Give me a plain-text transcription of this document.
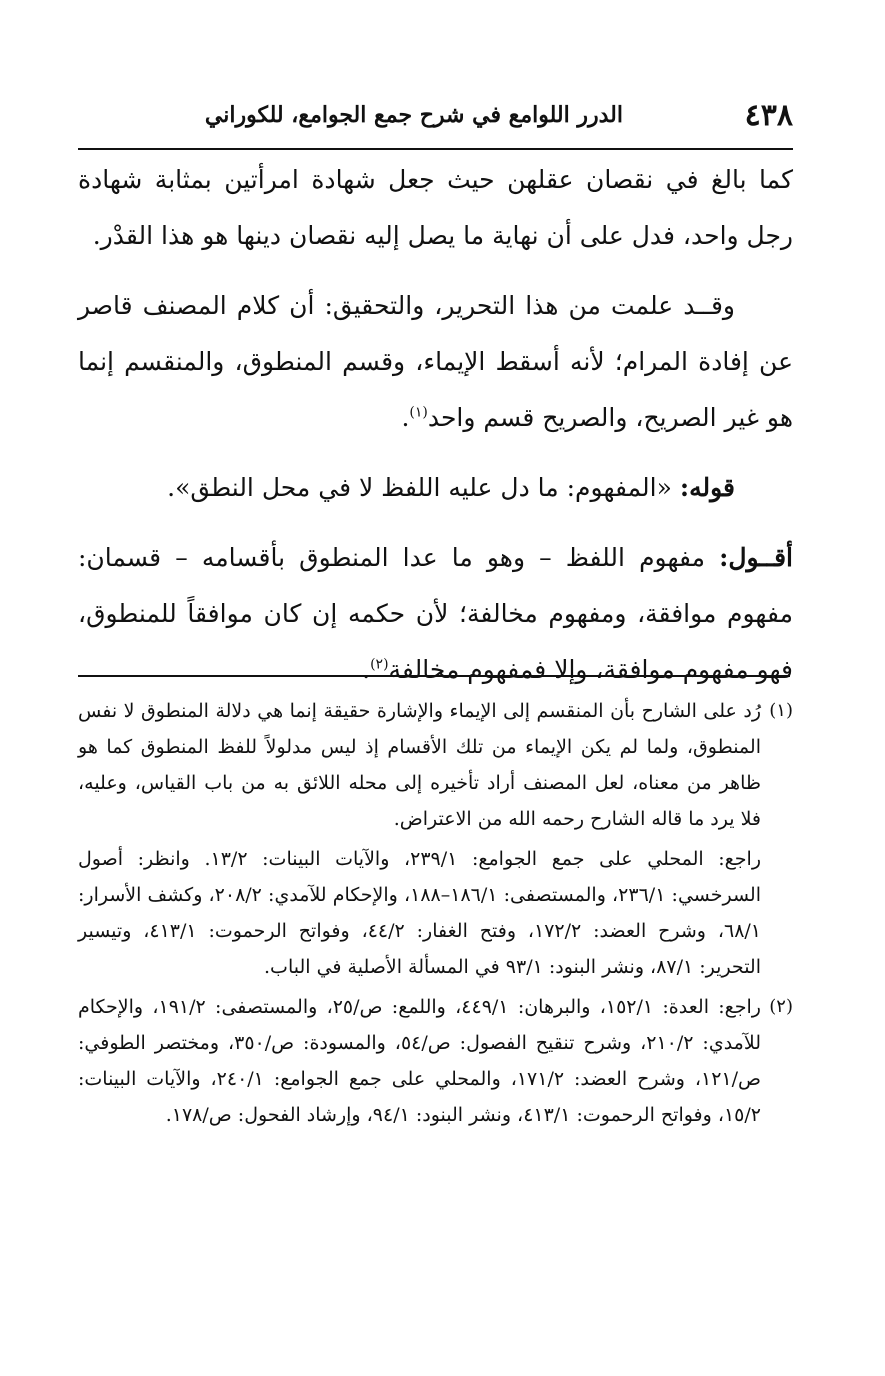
٤٣٨
الدرر اللوامع في شرح جمع الجوامع، للكوراني

كما بالغ في نقصان عقلهن حيث جعل شهادة امرأتين بمثابة شهادة رجل واحد، فدل على أن نهاية ما يصل إليه نقصان دينها هو هذا القدْر.

وقــد علمت من هذا التحرير، والتحقيق: أن كلام المصنف قاصر عن إفادة المرام؛ لأنه أسقط الإيماء، وقسم المنطوق، والمنقسم إنما هو غير الصريح، والصريح قسم واحد$^{(١)}$.

قوله: «المفهوم: ما دل عليه اللفظ لا في محل النطق».

أقــول: مفهوم اللفظ – وهو ما عدا المنطوق بأقسامه – قسمان: مفهوم موافقة، ومفهوم مخالفة؛ لأن حكمه إن كان موافقاً للمنطوق، فهو مفهوم موافقة، وإلا فمفهوم مخالفة$^{(٢)}$.

(١)
رُد على الشارح بأن المنقسم إلى الإيماء والإشارة حقيقة إنما هي دلالة المنطوق لا نفس المنطوق، ولما لم يكن الإيماء من تلك الأقسام إذ ليس مدلولاً للفظ المنطوق كما هو ظاهر من معناه، لعل المصنف أراد تأخيره إلى محله اللائق به من باب القياس، وعليه، فلا يرد ما قاله الشارح رحمه الله من الاعتراض.
راجع: المحلي على جمع الجوامع: ٢٣٩/١، والآيات البينات: ١٣/٢. وانظر: أصول السرخسي: ٢٣٦/١، والمستصفى: ١٨٦/١–١٨٨، والإحكام للآمدي: ٢٠٨/٢، وكشف الأسرار: ٦٨/١، وشرح العضد: ١٧٢/٢، وفتح الغفار: ٤٤/٢، وفواتح الرحموت: ٤١٣/١، وتيسير التحرير: ٨٧/١، ونشر البنود: ٩٣/١ في المسألة الأصلية في الباب.
(٢)
راجع: العدة: ١٥٢/١، والبرهان: ٤٤٩/١، واللمع: ص/٢٥، والمستصفى: ١٩١/٢، والإحكام للآمدي: ٢١٠/٢، وشرح تنقيح الفصول: ص/٥٤، والمسودة: ص/٣٥٠، ومختصر الطوفي: ص/١٢١، وشرح العضد: ١٧١/٢، والمحلي على جمع الجوامع: ٢٤٠/١، والآيات البينات: ١٥/٢، وفواتح الرحموت: ٤١٣/١، ونشر البنود: ٩٤/١، وإرشاد الفحول: ص/١٧٨.
